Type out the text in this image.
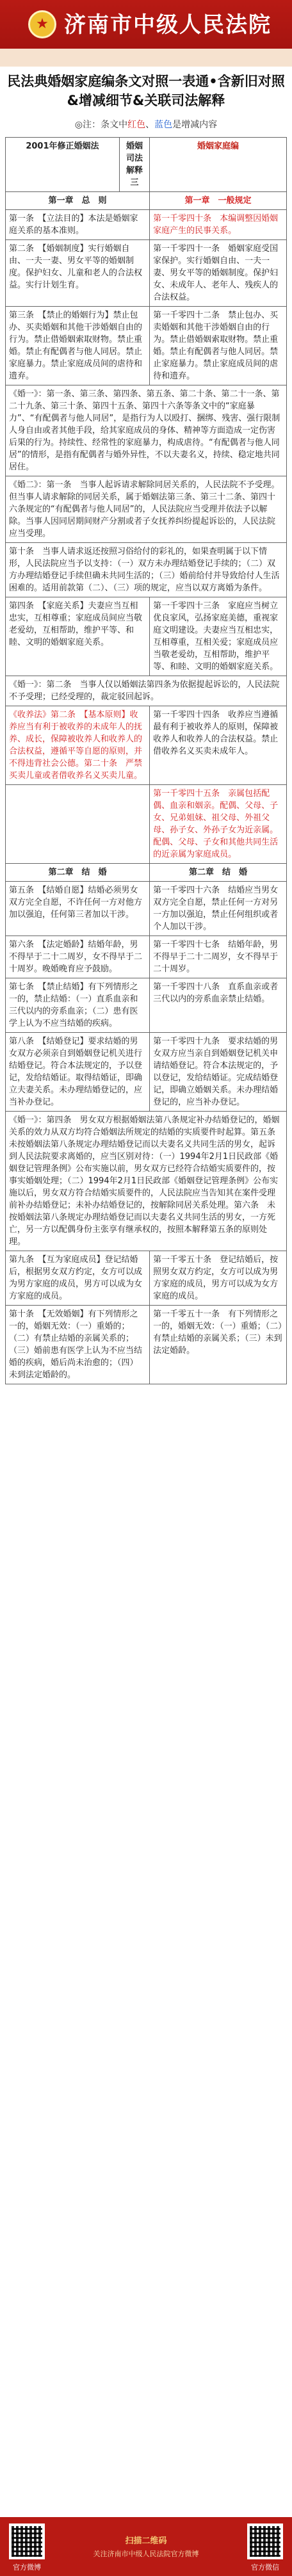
★ 济南市中级人民法院
民法典婚姻家庭编条文对照一表通•含新旧对照&增减细节&关联司法解释
◎注：条文中红色、蓝色是增减内容
2001年修正婚姻法	婚姻司法解释三	婚姻家庭编
第一章　总　则		第一章　一般规定
第一条　【立法目的】本法是婚姻家庭关系的基本准则。		第一千零四十条　本编调整因婚姻家庭产生的民事关系。
第二条　【婚姻制度】实行婚姻自由、一夫一妻、男女平等的婚姻制度。保护妇女、儿童和老人的合法权益。实行计划生育。		第一千零四十一条　婚姻家庭受国家保护。实行婚姻自由、一夫一妻、男女平等的婚姻制度。保护妇女、未成年人、老年人、残疾人的合法权益。
第三条　【禁止的婚姻行为】禁止包办、买卖婚姻和其他干涉婚姻自由的行为。禁止借婚姻索取财物。禁止重婚。禁止有配偶者与他人同居。禁止家庭暴力。禁止家庭成员间的虐待和遗弃。		第一千零四十二条　禁止包办、买卖婚姻和其他干涉婚姻自由的行为。禁止借婚姻索取财物。禁止重婚。禁止有配偶者与他人同居。禁止家庭暴力。禁止家庭成员间的虐待和遗弃。
《婚一》：第一条、第三条、第四条、第五条、第二十条、第二十一条、第二十九条、第三十条、第四十五条、第四十六条等条文中的“家庭暴力”、“有配偶者与他人同居”，是指行为人以殴打、捆绑、残害、强行限制人身自由或者其他手段，给其家庭成员的身体、精神等方面造成一定伤害后果的行为。持续性、经常性的家庭暴力，构成虐待。“有配偶者与他人同居”的情形，是指有配偶者与婚外异性，不以夫妻名义，持续、稳定地共同居住。		
《婚二》：第一条　当事人起诉请求解除同居关系的，人民法院不予受理。但当事人请求解除的同居关系，属于婚姻法第三条、第三十二条、第四十六条规定的“有配偶者与他人同居”的，人民法院应当受理并依法予以解除。当事人因同居期间财产分割或者子女抚养纠纷提起诉讼的，人民法院应当受理。		
第十条　当事人请求返还按照习俗给付的彩礼的，如果查明属于以下情形，人民法院应当予以支持：（一）双方未办理结婚登记手续的；（二）双方办理结婚登记手续但确未共同生活的；（三）婚前给付并导致给付人生活困难的。适用前款第（二）、（三）项的规定，应当以双方离婚为条件。		
第四条　【家庭关系】夫妻应当互相忠实，互相尊重；家庭成员间应当敬老爱幼，互相帮助，维护平等、和睦、文明的婚姻家庭关系。		第一千零四十三条　家庭应当树立优良家风，弘扬家庭美德，重视家庭文明建设。夫妻应当互相忠实，互相尊重，互相关爱；家庭成员应当敬老爱幼，互相帮助，维护平等、和睦、文明的婚姻家庭关系。
《婚一》：第二条　当事人仅以婚姻法第四条为依据提起诉讼的，人民法院不予受理；已经受理的，裁定驳回起诉。		
《收养法》第二条　【基本原则】收养应当有利于被收养的未成年人的抚养、成长，保障被收养人和收养人的合法权益，遵循平等自愿的原则，并不得违背社会公德。第二十条　严禁买卖儿童或者借收养名义买卖儿童。		第一千零四十四条　收养应当遵循最有利于被收养人的原则，保障被收养人和收养人的合法权益。禁止借收养名义买卖未成年人。
		第一千零四十五条　亲属包括配偶、血亲和姻亲。配偶、父母、子女、兄弟姐妹、祖父母、外祖父母、孙子女、外孙子女为近亲属。配偶、父母、子女和其他共同生活的近亲属为家庭成员。
第二章　结　婚		第二章　结　婚
第五条　【结婚自愿】结婚必须男女双方完全自愿，不许任何一方对他方加以强迫，任何第三者加以干涉。		第一千零四十六条　结婚应当男女双方完全自愿，禁止任何一方对另一方加以强迫，禁止任何组织或者个人加以干涉。
第六条　【法定婚龄】结婚年龄，男不得早于二十二周岁，女不得早于二十周岁。晚婚晚育应予鼓励。		第一千零四十七条　结婚年龄，男不得早于二十二周岁，女不得早于二十周岁。
第七条　【禁止结婚】有下列情形之一的，禁止结婚：（一）直系血亲和三代以内的旁系血亲；（二）患有医学上认为不应当结婚的疾病。		第一千零四十八条　直系血亲或者三代以内的旁系血亲禁止结婚。
第八条　【结婚登记】要求结婚的男女双方必须亲自到婚姻登记机关进行结婚登记。符合本法规定的，予以登记，发给结婚证。取得结婚证，即确立夫妻关系。未办理结婚登记的，应当补办登记。		第一千零四十九条　要求结婚的男女双方应当亲自到婚姻登记机关申请结婚登记。符合本法规定的，予以登记，发给结婚证。完成结婚登记，即确立婚姻关系。未办理结婚登记的，应当补办登记。
《婚一》：第四条　男女双方根据婚姻法第八条规定补办结婚登记的，婚姻关系的效力从双方均符合婚姻法所规定的结婚的实质要件时起算。第五条　未按婚姻法第八条规定办理结婚登记而以夫妻名义共同生活的男女，起诉到人民法院要求离婚的，应当区别对待：（一）1994年2月1日民政部《婚姻登记管理条例》公布实施以前，男女双方已经符合结婚实质要件的，按事实婚姻处理；（二）1994年2月1日民政部《婚姻登记管理条例》公布实施以后，男女双方符合结婚实质要件的，人民法院应当告知其在案件受理前补办结婚登记；未补办结婚登记的，按解除同居关系处理。第六条　未按婚姻法第八条规定办理结婚登记而以夫妻名义共同生活的男女，一方死亡，另一方以配偶身份主张享有继承权的，按照本解释第五条的原则处理。		
第九条　【互为家庭成员】登记结婚后，根据男女双方约定，女方可以成为男方家庭的成员，男方可以成为女方家庭的成员。		第一千零五十条　登记结婚后，按照男女双方约定，女方可以成为男方家庭的成员，男方可以成为女方家庭的成员。
第十条　【无效婚姻】有下列情形之一的，婚姻无效：（一）重婚的；（二）有禁止结婚的亲属关系的；（三）婚前患有医学上认为不应当结婚的疾病，婚后尚未治愈的；（四）未到法定婚龄的。		第一千零五十一条　有下列情形之一的，婚姻无效：（一）重婚；（二）有禁止结婚的亲属关系；（三）未到法定婚龄。
官方微博
扫描二维码
关注济南市中级人民法院官方微博
官方微信
